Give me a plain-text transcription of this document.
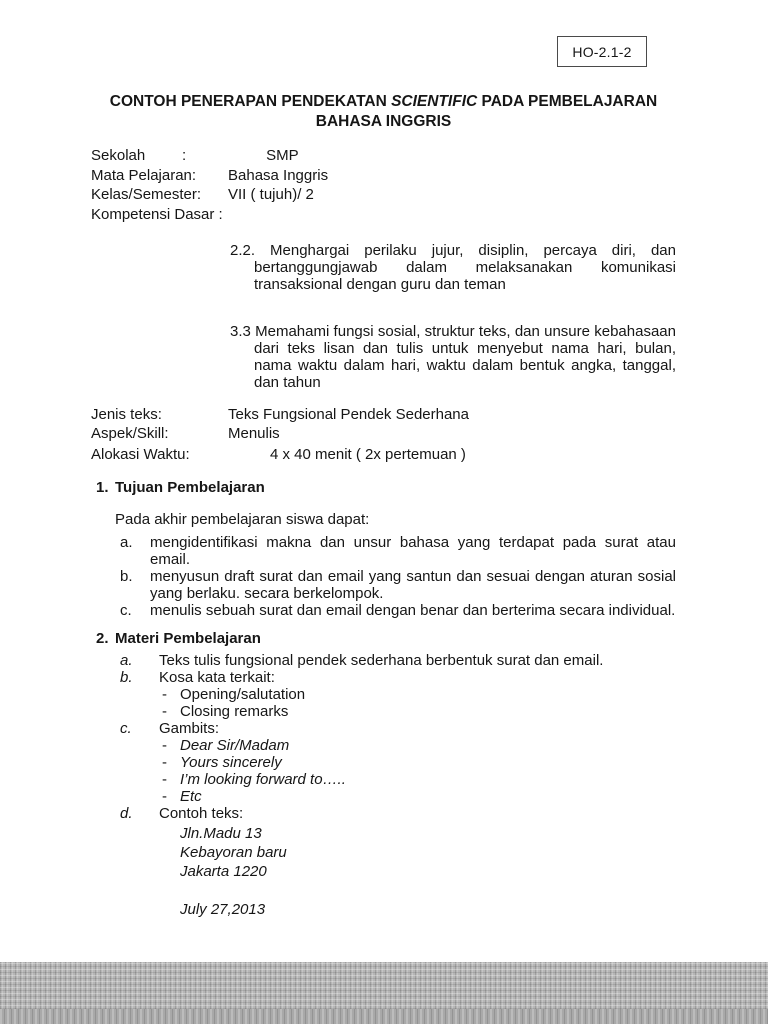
HO-2.1-2
CONTOH PENERAPAN PENDEKATAN SCIENTIFIC PADA PEMBELAJARAN
BAHASA INGGRIS
Sekolah	:	SMP
Mata Pelajaran:	Bahasa Inggris
Kelas/Semester:	VII ( tujuh)/ 2
Kompetensi Dasar :

2.2. Menghargai perilaku jujur, disiplin, percaya diri, dan bertanggungjawab dalam melaksanakan komunikasi transaksional dengan guru dan teman

3.3 Memahami fungsi sosial, struktur teks, dan unsure kebahasaan dari teks lisan dan tulis untuk menyebut nama hari, bulan, nama waktu dalam hari, waktu dalam bentuk angka, tanggal, dan tahun

Jenis teks:	Teks Fungsional Pendek Sederhana
Aspek/Skill:	Menulis
Alokasi Waktu:	4 x 40 menit ( 2x pertemuan )
1. Tujuan Pembelajaran
Pada akhir pembelajaran siswa dapat:
a.	mengidentifikasi makna dan unsur bahasa yang terdapat pada surat atau email.

b.	menyusun draft surat dan email yang santun dan sesuai dengan aturan sosial yang berlaku. secara berkelompok.

c.	menulis sebuah surat dan email dengan benar dan berterima secara individual.

2. Materi Pembelajaran
a.	Teks tulis fungsional pendek sederhana berbentuk surat dan email.

b.	Kosa kata terkait:

- Opening/salutation
- Closing remarks
c.	Gambits:

- Dear Sir/Madam
- Yours sincerely
- I’m looking forward to…..
- Etc
d.	Contoh teks:

Jln.Madu 13
Kebayoran baru
Jakarta 1220
July 27,2013
